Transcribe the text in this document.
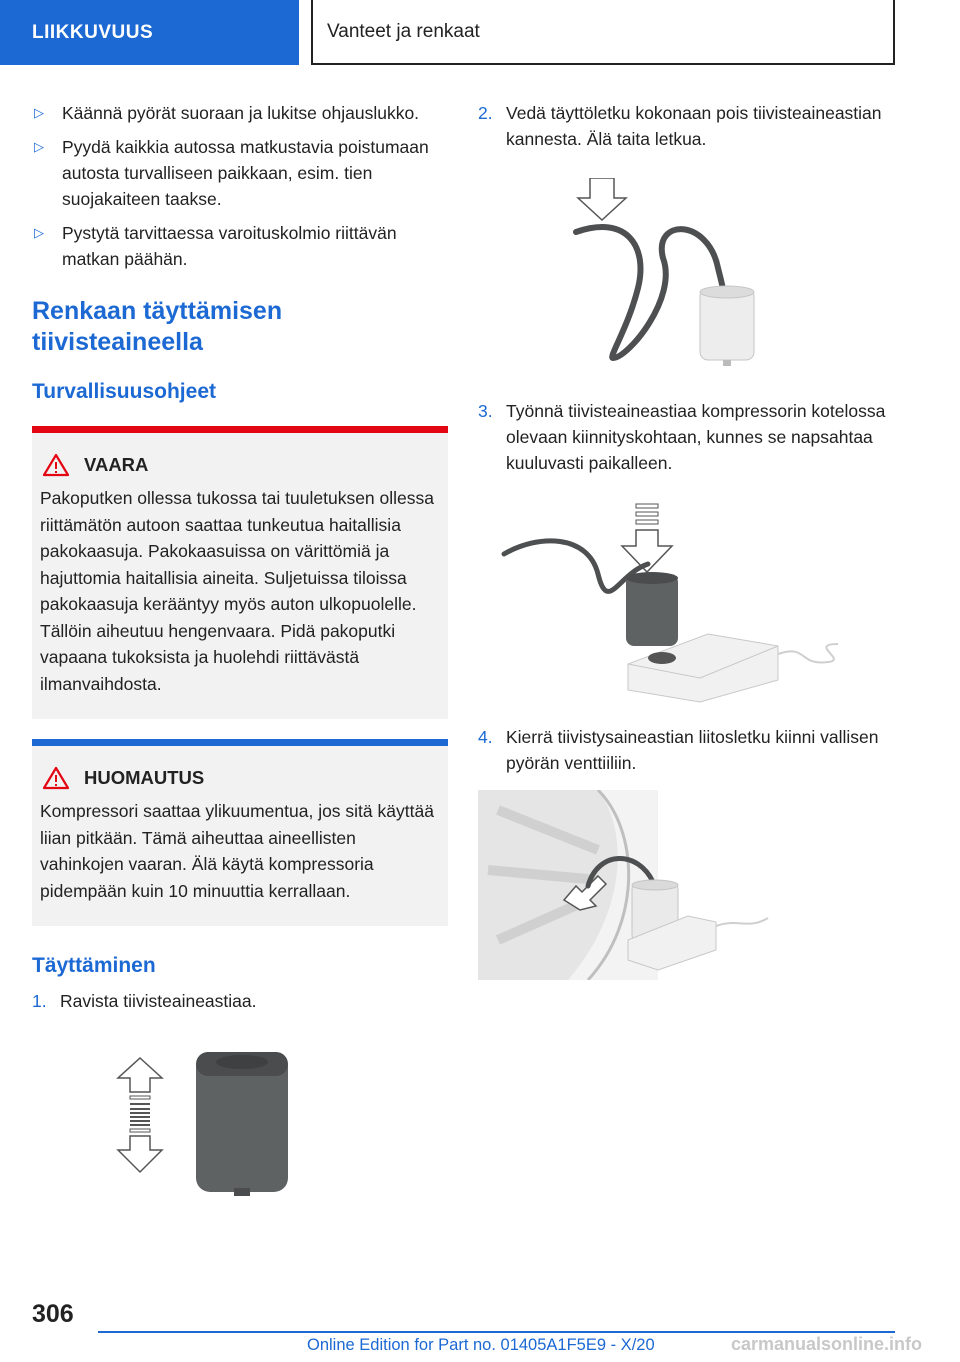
LIIKKUVUUS	Vanteet ja renkaat
▷	Käännä pyörät suoraan ja lukitse ohjauslukko.
▷	Pyydä kaikkia autossa matkustavia poistumaan autosta turvalliseen paikkaan, esim. tien suojakaiteen taakse.
▷	Pystytä tarvittaessa varoituskolmio riittävän matkan päähän.
Renkaan täyttämisen tiivisteaineella
Turvallisuusohjeet
VAARA
Pakoputken ollessa tukossa tai tuuletuksen ollessa riittämätön autoon saattaa tunkeutua haitallisia pakokaasuja. Pakokaasuissa on värittömiä ja hajuttomia haitallisia aineita. Suljetuissa tiloissa pakokaasuja kerääntyy myös auton ulkopuolelle. Tällöin aiheutuu hengenvaara. Pidä pakoputki vapaana tukoksista ja huolehdi riittävästä ilmanvaihdosta.
HUOMAUTUS
Kompressori saattaa ylikuumentua, jos sitä käyttää liian pitkään. Tämä aiheuttaa aineellisten vahinkojen vaaran. Älä käytä kompressoria pidempään kuin 10 minuuttia kerrallaan.
Täyttäminen
1. Ravista tiivisteaineastiaa.
2. Vedä täyttöletku kokonaan pois tiivisteaineastian kannesta. Älä taita letkua.
3. Työnnä tiivisteaineastiaa kompressorin kotelossa olevaan kiinnityskohtaan, kunnes se napsahtaa kuuluvasti paikalleen.
4. Kierrä tiivistysaineastian liitosletku kiinni vallisen pyörän venttiiliin.
306
Online Edition for Part no. 01405A1F5E9 - X/20	carmanualsonline.info
